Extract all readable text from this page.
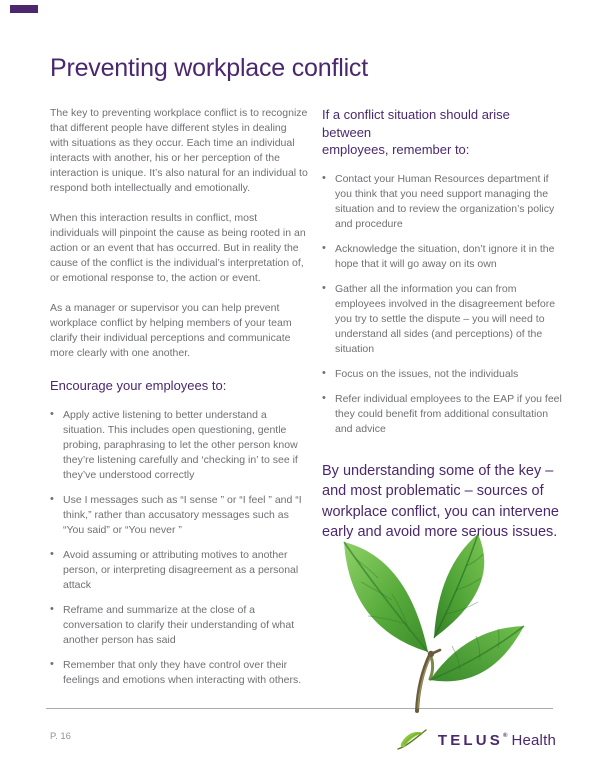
Preventing workplace conflict

The key to preventing workplace conflict is to recognize that different people have different styles in dealing with situations as they occur. Each time an individual interacts with another, his or her perception of the interaction is unique. It’s also natural for an individual to respond both intellectually and emotionally.

When this interaction results in conflict, most individuals will pinpoint the cause as being rooted in an action or an event that has occurred. But in reality the cause of the conflict is the individual’s interpretation of, or emotional response to, the action or event.

As a manager or supervisor you can help prevent workplace conflict by helping members of your team clarify their individual perceptions and communicate more clearly with one another.

Encourage your employees to:
• Apply active listening to better understand a situation. This includes open questioning, gentle probing, paraphrasing to let the other person know they’re listening carefully and ‘checking in’ to see if they’ve understood correctly
• Use I messages such as “I sense ” or “I feel ” and “I think,” rather than accusatory messages such as “You said” or “You never ”
• Avoid assuming or attributing motives to another person, or interpreting disagreement as a personal attack
• Reframe and summarize at the close of a conversation to clarify their understanding of what another person has said
• Remember that only they have control over their feelings and emotions when interacting with others.
If a conflict situation should arise between
employees, remember to:
• Contact your Human Resources department if you think that you need support managing the situation and to review the organization’s policy and procedure
• Acknowledge the situation, don’t ignore it in the hope that it will go away on its own
• Gather all the information you can from employees involved in the disagreement before you try to settle the dispute – you will need to understand all sides (and perceptions) of the situation
• Focus on the issues, not the individuals
• Refer individual employees to the EAP if you feel they could benefit from additional consultation and advice
By understanding some of the key –
and most problematic – sources of
workplace conflict, you can intervene
early and avoid more serious issues.
P. 16	TELUS® Health
